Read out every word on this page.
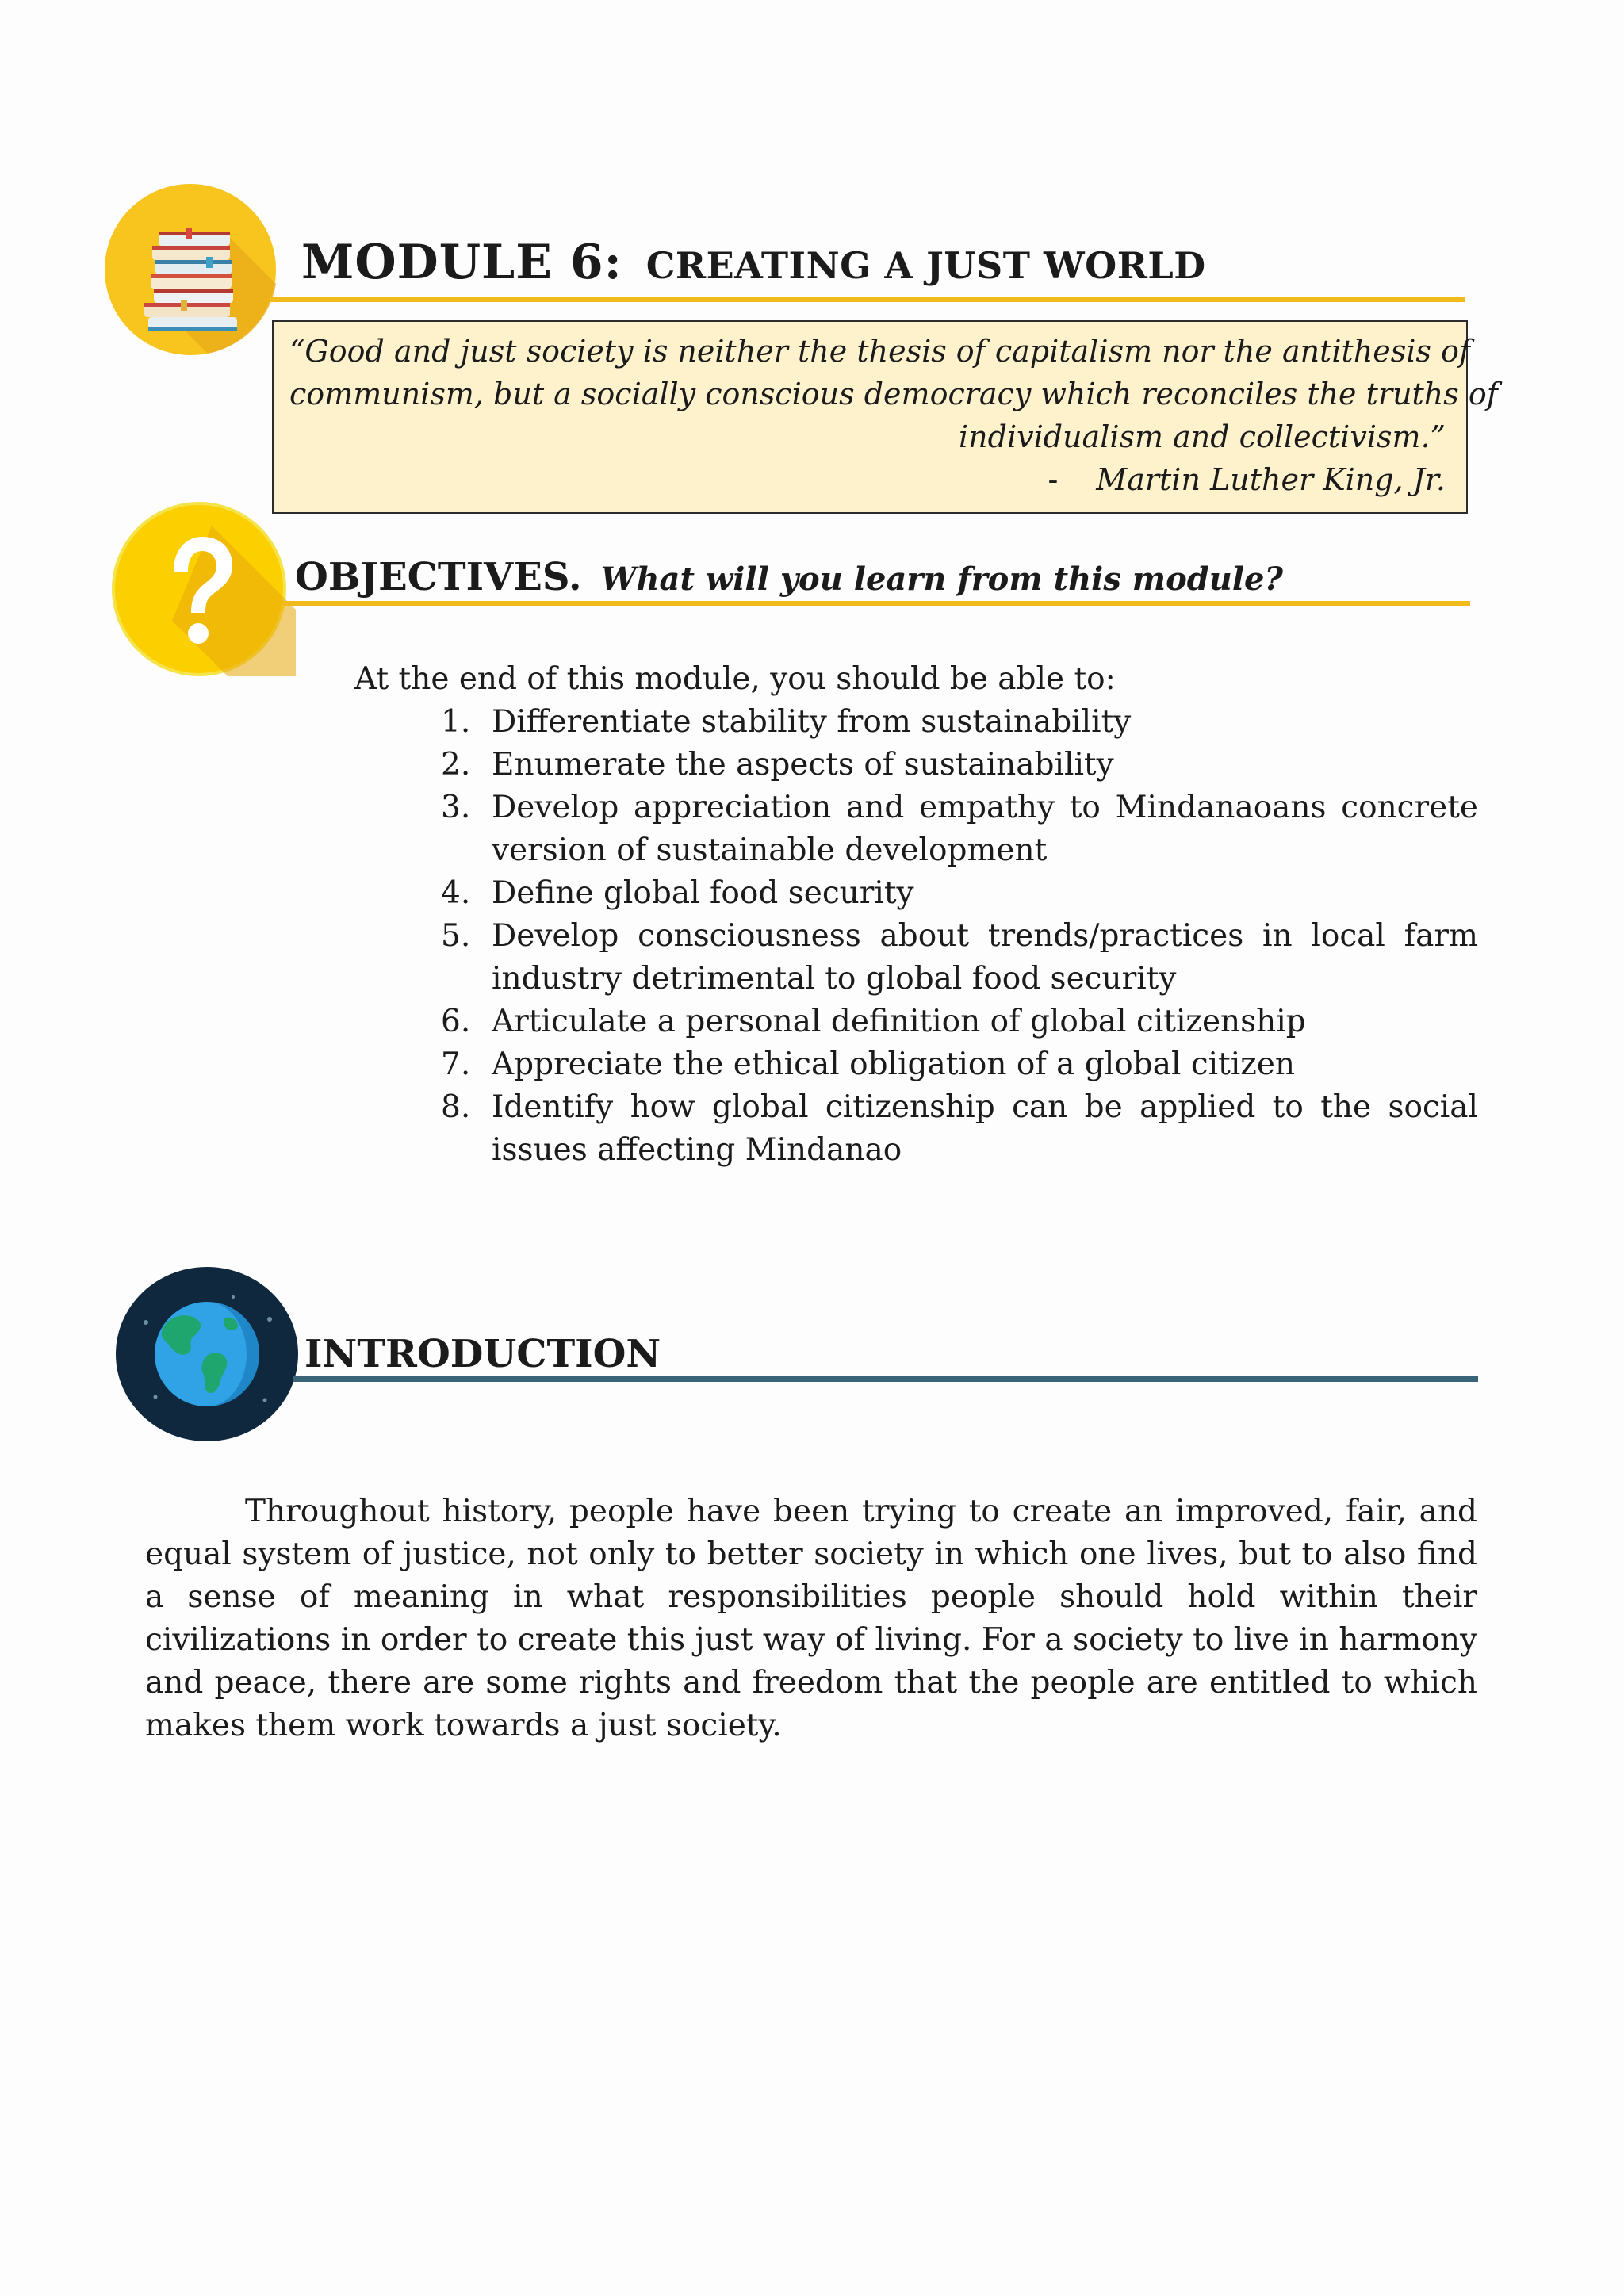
MODULE 6: CREATING A JUST WORLD
“Good and just society is neither the thesis of capitalism nor the antithesis of
communism, but a socially conscious democracy which reconciles the truths of
individualism and collectivism.”
- Martin Luther King, Jr.
OBJECTIVES. What will you learn from this module?
At the end of this module, you should be able to:
1. Differentiate stability from sustainability
2. Enumerate the aspects of sustainability
3. Develop appreciation and empathy to Mindanaoans concrete version of sustainable development
4. Define global food security
5. Develop consciousness about trends/practices in local farm industry detrimental to global food security
6. Articulate a personal definition of global citizenship
7. Appreciate the ethical obligation of a global citizen
8. Identify how global citizenship can be applied to the social issues affecting Mindanao
INTRODUCTION

Throughout history, people have been trying to create an improved, fair, and equal system of justice, not only to better society in which one lives, but to also find a sense of meaning in what responsibilities people should hold within their civilizations in order to create this just way of living. For a society to live in harmony and peace, there are some rights and freedom that the people are entitled to which makes them work towards a just society.
